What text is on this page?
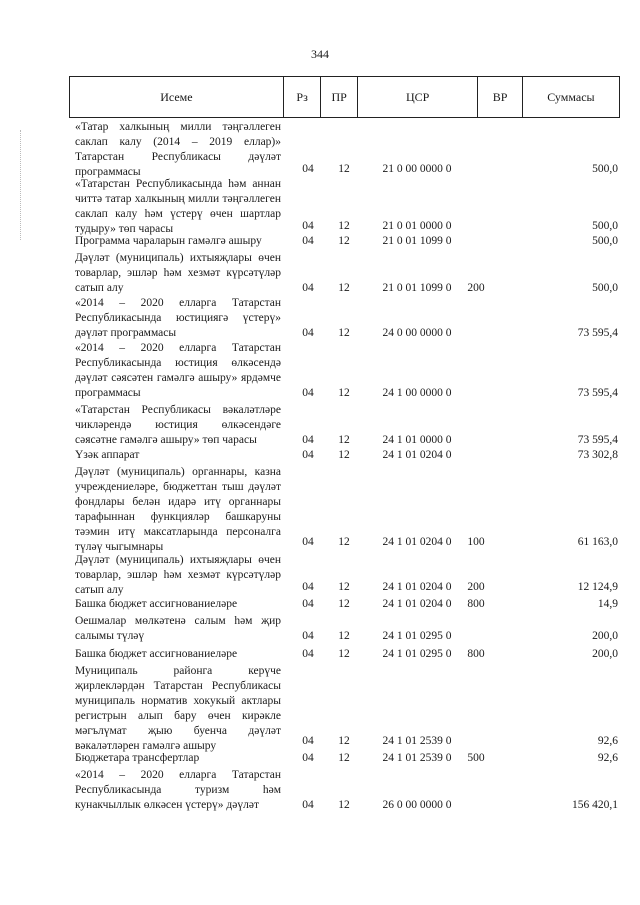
344
Исеме	Рз	ПР	ЦСР	ВР	Суммасы
«Татар халкының милли тәңгәллеген саклап калу (2014 – 2019 еллар)» Татарстан Республикасы дәүләт программасы	04	12	21 0 00 0000 0	500,0
«Татарстан Республикасында һәм аннан читтә татар халкының милли тәңгәллеген саклап калу һәм үстерү өчен шартлар тудыру» төп чарасы	04	12	21 0 01 0000 0	500,0
Программа чараларын гамәлгә ашыру	04	12	21 0 01 1099 0	500,0
Дәүләт (муниципаль) ихтыяҗлары өчен товарлар, эшләр һәм хезмәт күрсәтүләр сатып алу	04	12	21 0 01 1099 0	200	500,0
«2014 – 2020 елларга Татарстан Республикасында юстициягә үстерү» дәүләт программасы	04	12	24 0 00 0000 0	73 595,4
«2014 – 2020 елларга Татарстан Республикасында юстиция өлкәсендә дәүләт сәясәтен гамәлгә ашыру» ярдәмче программасы	04	12	24 1 00 0000 0	73 595,4
«Татарстан Республикасы вәкаләтләре чикләрендә юстиция өлкәсендәге сәясәтне гамәлгә ашыру» төп чарасы	04	12	24 1 01 0000 0	73 595,4
Үзәк аппарат	04	12	24 1 01 0204 0	73 302,8
Дәүләт (муниципаль) органнары, казна учреждениеләре, бюджеттан тыш дәүләт фондлары белән идарә итү органнары тарафыннан функцияләр башкаруны тәэмин итү максатларында персоналга түләү чыгымнары	04	12	24 1 01 0204 0	100	61 163,0
Дәүләт (муниципаль) ихтыяҗлары өчен товарлар, эшләр һәм хезмәт күрсәтүләр сатып алу	04	12	24 1 01 0204 0	200	12 124,9
Башка бюджет ассигнованиеләре	04	12	24 1 01 0204 0	800	14,9
Оешмалар мөлкәтенә салым һәм җир салымы түләү	04	12	24 1 01 0295 0	200,0
Башка бюджет ассигнованиеләре	04	12	24 1 01 0295 0	800	200,0
Муниципаль районга керүче җирлекләрдән Татарстан Республикасы муниципаль норматив хокукый актлары регистрын алып бару өчен кирәкле мәгълүмат җыю буенча дәүләт вәкаләтләрен гамәлгә ашыру	04	12	24 1 01 2539 0	92,6
Бюджетара трансфертлар	04	12	24 1 01 2539 0	500	92,6
«2014 – 2020 елларга Татарстан Республикасында туризм һәм кунакчыллык өлкәсен үстерү» дәүләт	04	12	26 0 00 0000 0	156 420,1
